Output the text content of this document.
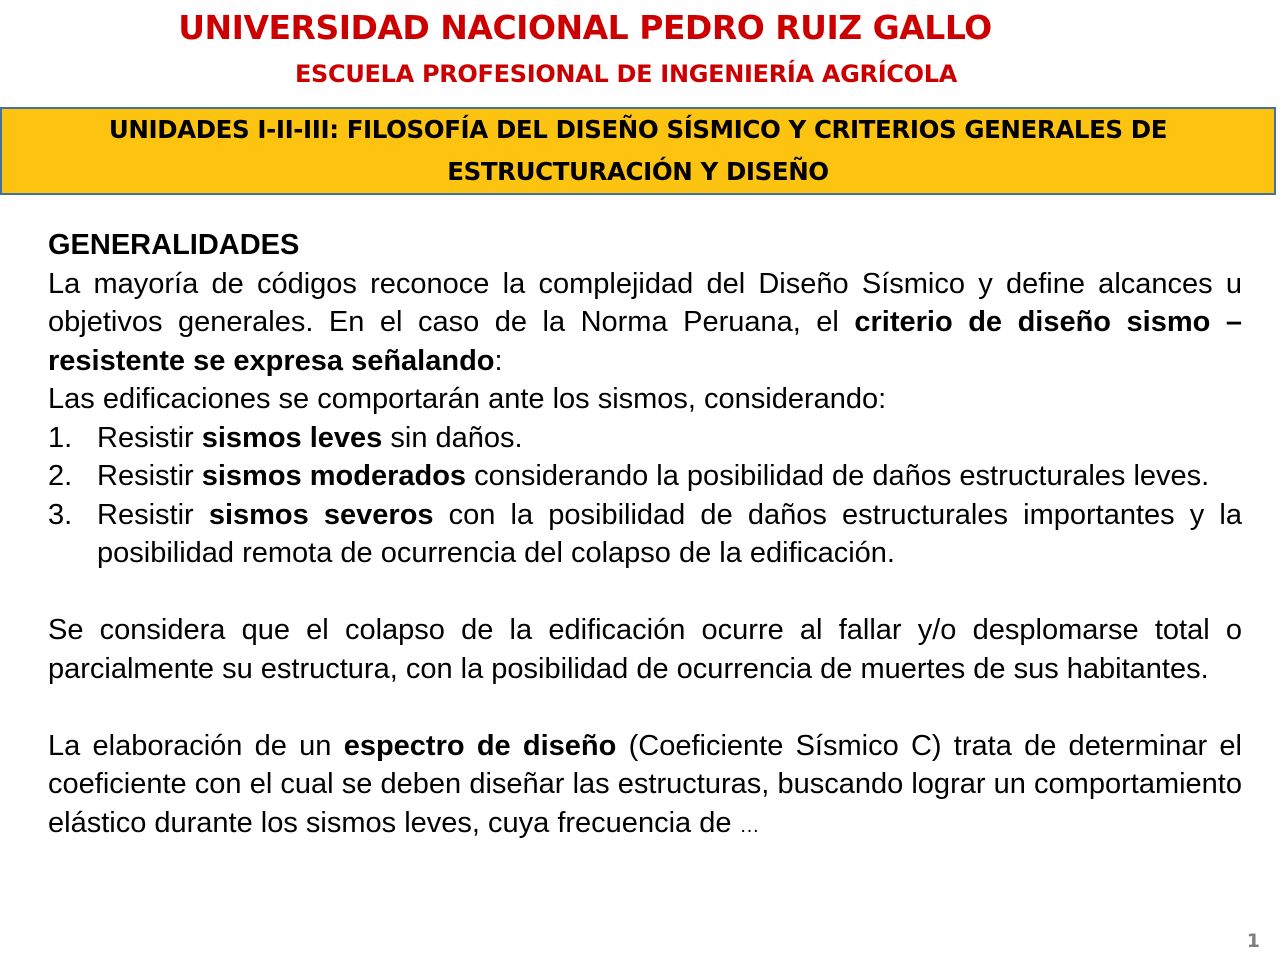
UNIVERSIDAD NACIONAL PEDRO RUIZ GALLO
ESCUELA PROFESIONAL DE INGENIERÍA AGRÍCOLA
UNIDADES I-II-III: FILOSOFÍA DEL DISEÑO SÍSMICO Y CRITERIOS GENERALES DE
ESTRUCTURACIÓN Y DISEÑO
GENERALIDADES

La mayoría de códigos reconoce la complejidad del Diseño Sísmico y define alcances u objetivos generales. En el caso de la Norma Peruana, el criterio de diseño sismo – resistente se expresa señalando:

Las edificaciones se comportarán ante los sismos, considerando:

1. Resistir sismos leves sin daños.
2. Resistir sismos moderados considerando la posibilidad de daños estructurales leves.
3. Resistir sismos severos con la posibilidad de daños estructurales importantes y la posibilidad remota de ocurrencia del colapso de la edificación.

Se considera que el colapso de la edificación ocurre al fallar y/o desplomarse total o parcialmente su estructura, con la posibilidad de ocurrencia de muertes de sus habitantes.

La elaboración de un espectro de diseño (Coeficiente Sísmico C) trata de determinar el coeficiente con el cual se deben diseñar las estructuras, buscando lograr un comportamiento elástico durante los sismos leves, cuya frecuencia de …

1
